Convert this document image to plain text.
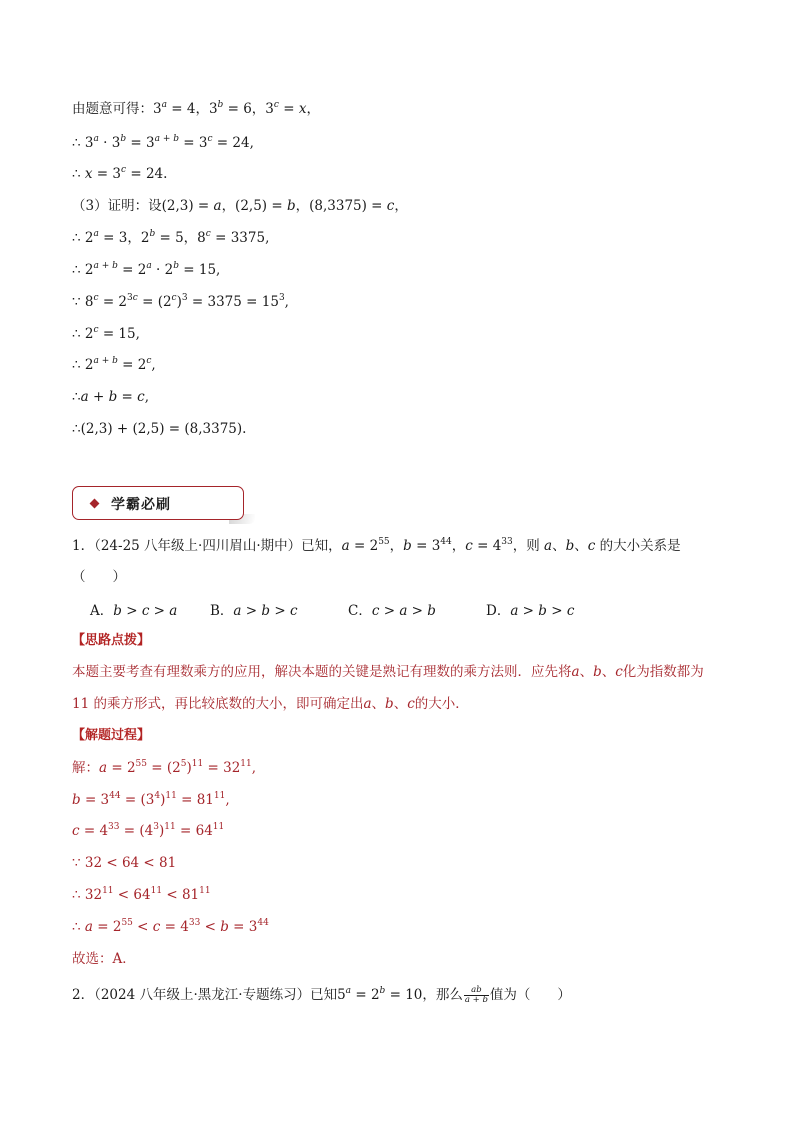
由题意可得：$3^a = 4$，$3^b = 6$，$3^c = x$，
∴ $3^a \cdot 3^b = 3^{a + b} = 3^c = 24$,
∴ $x = 3^c = 24$.
（3）证明：设(2,3) = a，(2,5) = b，(8,3375) = c，
∴ $2^a = 3$，$2^b = 5$，$8^c = 3375$,
∴ $2^{a + b} = 2^a \cdot 2^b = 15$,
∵ $8^c = 2^{3c} = (2^c)^3 = 3375 = 15^3$,
∴ $2^c = 15$,
∴ $2^{a + b} = 2^c$,
∴a + b = c,
∴(2,3) + (2,5) = (8,3375).
学霸必刷
1．（24-25 八年级上·四川眉山·期中）已知，$a = 2^{55}$，$b = 3^{44}$，$c = 4^{33}$，则 a、b、c 的大小关系是
（　　）
A．b > c > a B．a > b > c	C．c > a > b	D．a > b > c
【思路点拨】
本题主要考查有理数乘方的应用，解决本题的关键是熟记有理数的乘方法则．应先将a、b、c化为指数都为
11 的乘方形式，再比较底数的大小，即可确定出a、b、c的大小．
【解题过程】
解：$a = 2^{55} = (2^5)^{11} = 32^{11}$,
$b = 3^{44} = (3^4)^{11} = 81^{11}$,
$c = 4^{33} = (4^3)^{11} = 64^{11}$
∵ 32 < 64 < 81
∴ $32^{11} < 64^{11} < 81^{11}$
∴ $a = 2^{55} < c = 4^{33} < b = 3^{44}$
故选：A．
2．（2024 八年级上·黑龙江·专题练习）已知$5^a = 2^b = 10$，那么 $\frac{ab}{a + b}$ 值为（　　）
